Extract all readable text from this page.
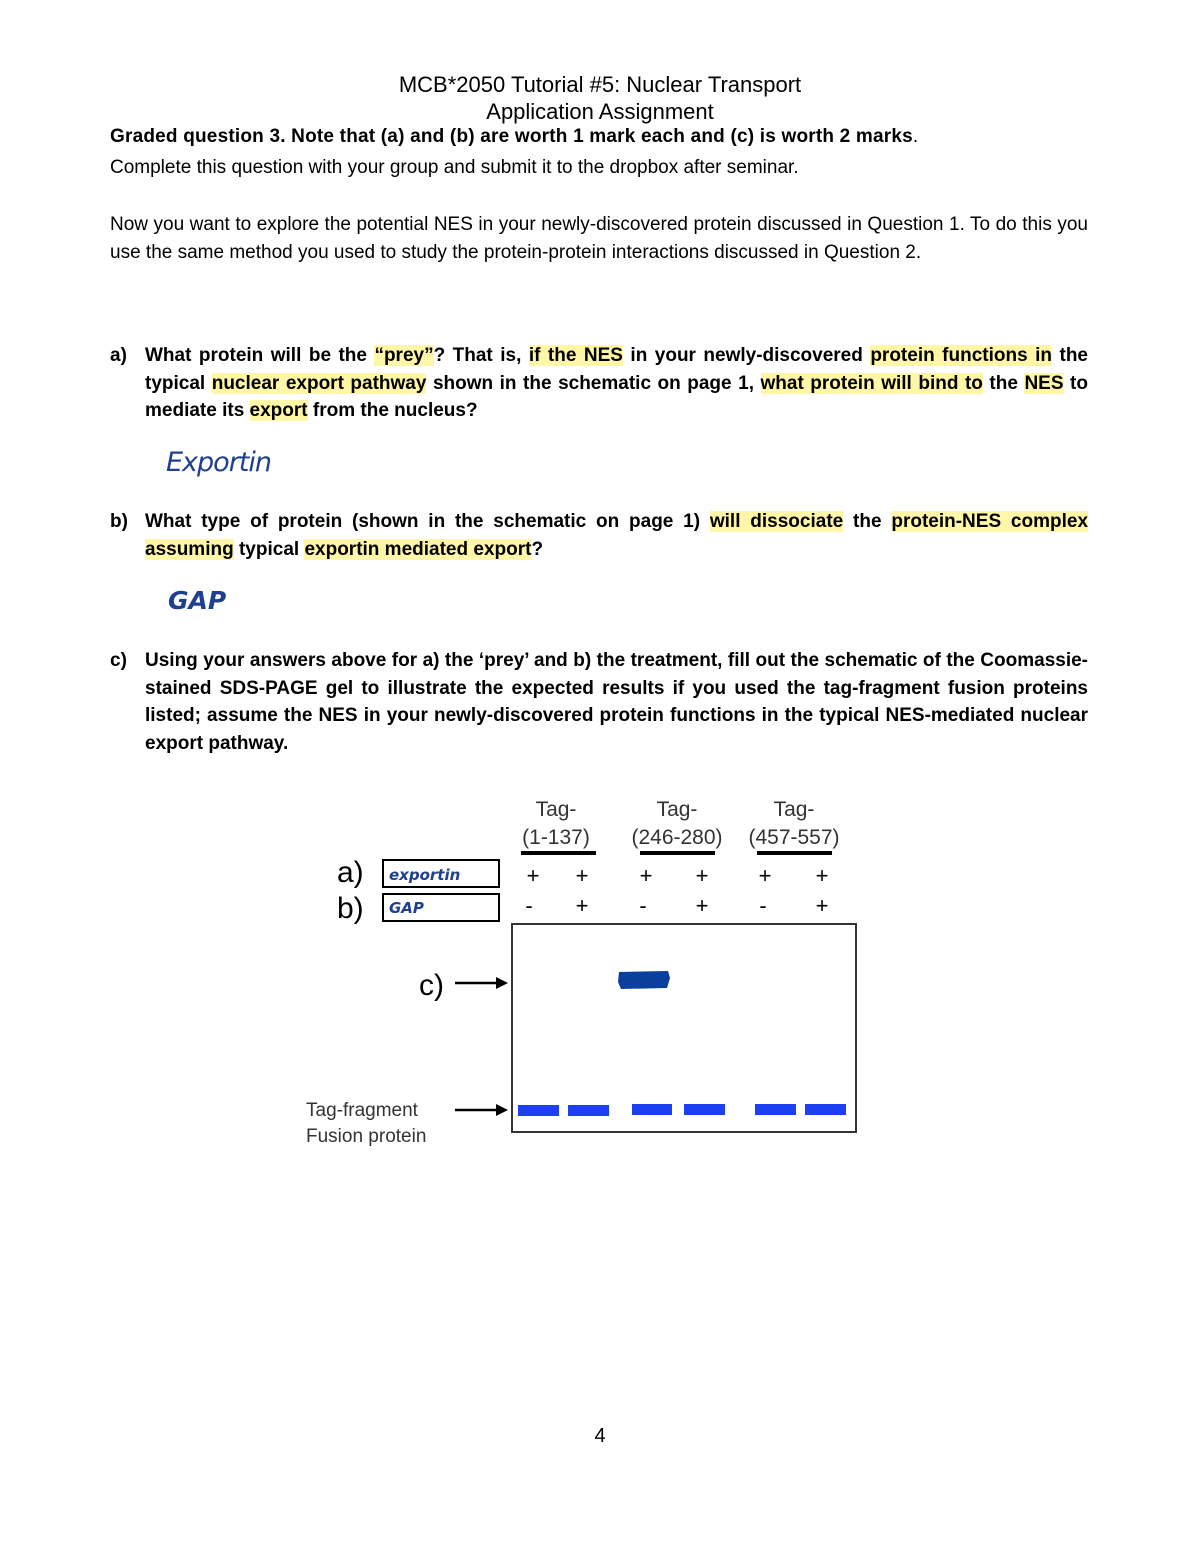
MCB*2050 Tutorial #5: Nuclear Transport
Application Assignment
Graded question 3. Note that (a) and (b) are worth 1 mark each and (c) is worth 2 marks.
Complete this question with your group and submit it to the dropbox after seminar.
Now you want to explore the potential NES in your newly-discovered protein discussed in Question 1. To do this you use the same method you used to study the protein-protein interactions discussed in Question 2.
a) What protein will be the “prey”? That is, if the NES in your newly-discovered protein functions in the typical nuclear export pathway shown in the schematic on page 1, what protein will bind to the NES to mediate its export from the nucleus?
Exportin
b) What type of protein (shown in the schematic on page 1) will dissociate the protein-NES complex assuming typical exportin mediated export?
GAP
c) Using your answers above for a) the ‘prey’ and b) the treatment, fill out the schematic of the Coomassie-stained SDS-PAGE gel to illustrate the expected results if you used the tag-fragment fusion proteins listed; assume the NES in your newly-discovered protein functions in the typical NES-mediated nuclear export pathway.
Tag-
(1-137)
Tag-
(246-280)
Tag-
(457-557)
a)
b)
exportin
GAP
+ + + + + +
- + - + - +
c)
Tag-fragment
Fusion protein
4
